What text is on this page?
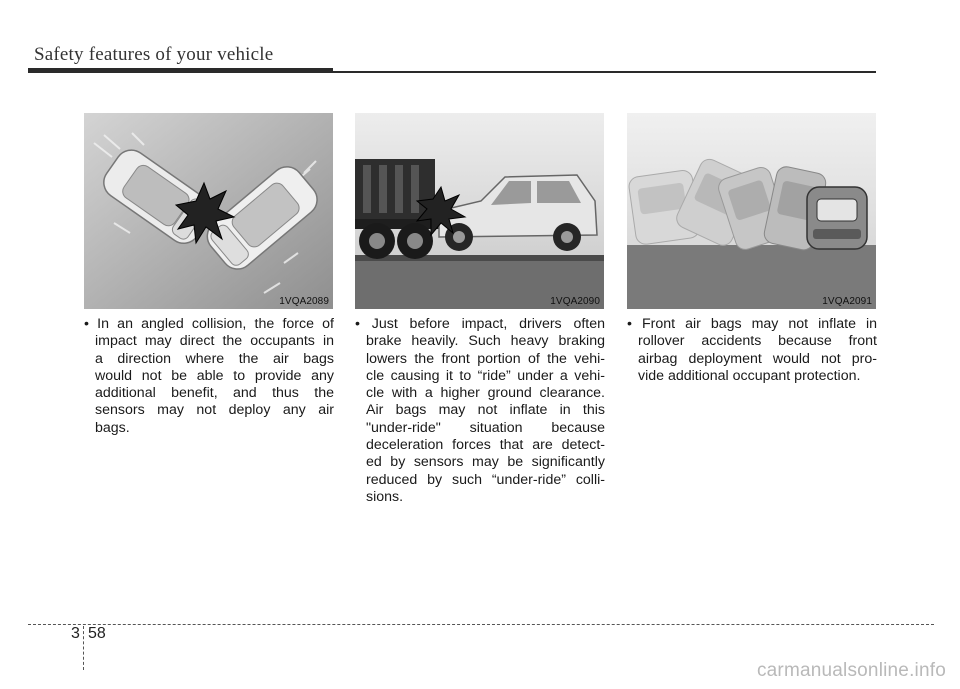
Safety features of your vehicle
1VQA2089	1VQA2090	1VQA2091
• In an angled collision, the force of
impact may direct the occupants in
a direction where the air bags
would not be able to provide any
additional benefit, and thus the
sensors may not deploy any air
bags.
• Just before impact, drivers often
brake heavily. Such heavy braking
lowers the front portion of the vehi-
cle causing it to “ride” under a vehi-
cle with a higher ground clearance.
Air bags may not inflate in this
"under-ride" situation because
deceleration forces that are detect-
ed by sensors may be significantly
reduced by such “under-ride” colli-
sions.
• Front air bags may not inflate in
rollover accidents because front
airbag deployment would not pro-
vide additional occupant protection.
3 58
carmanualsonline.info
